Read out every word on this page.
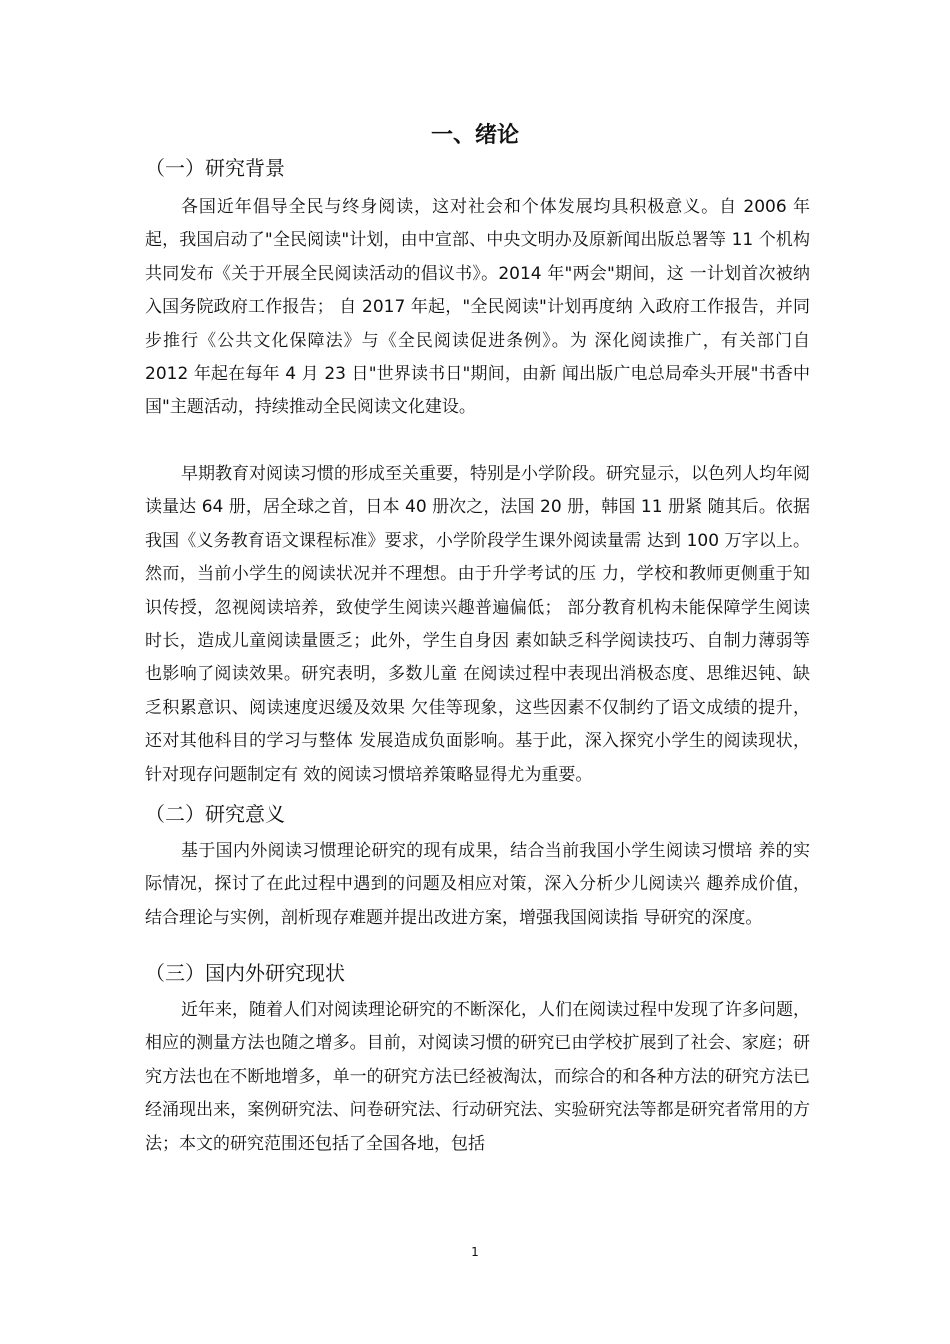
一、绪论
（一）研究背景

各国近年倡导全民与终身阅读，这对社会和个体发展均具积极意义。自 2006 年起，我国启动了"全民阅读"计划，由中宣部、中央文明办及原新闻出版总署等 11 个机构共同发布《关于开展全民阅读活动的倡议书》。2014 年"两会"期间，这 一计划首次被纳入国务院政府工作报告； 自 2017 年起，"全民阅读"计划再度纳 入政府工作报告，并同步推行《公共文化保障法》与《全民阅读促进条例》。为 深化阅读推广，有关部门自 2012 年起在每年 4 月 23 日"世界读书日"期间，由新 闻出版广电总局牵头开展"书香中国"主题活动，持续推动全民阅读文化建设。

早期教育对阅读习惯的形成至关重要，特别是小学阶段。研究显示，以色列人均年阅读量达 64 册，居全球之首，日本 40 册次之，法国 20 册，韩国 11 册紧 随其后。依据我国《义务教育语文课程标准》要求，小学阶段学生课外阅读量需 达到 100 万字以上。然而，当前小学生的阅读状况并不理想。由于升学考试的压 力，学校和教师更侧重于知识传授，忽视阅读培养，致使学生阅读兴趣普遍偏低； 部分教育机构未能保障学生阅读时长，造成儿童阅读量匮乏；此外，学生自身因 素如缺乏科学阅读技巧、自制力薄弱等也影响了阅读效果。研究表明，多数儿童 在阅读过程中表现出消极态度、思维迟钝、缺乏积累意识、阅读速度迟缓及效果 欠佳等现象，这些因素不仅制约了语文成绩的提升，还对其他科目的学习与整体 发展造成负面影响。基于此，深入探究小学生的阅读现状，针对现存问题制定有 效的阅读习惯培养策略显得尤为重要。

（二）研究意义

基于国内外阅读习惯理论研究的现有成果，结合当前我国小学生阅读习惯培 养的实际情况，探讨了在此过程中遇到的问题及相应对策，深入分析少儿阅读兴 趣养成价值，结合理论与实例，剖析现存难题并提出改进方案，增强我国阅读指 导研究的深度。

（三）国内外研究现状

近年来，随着人们对阅读理论研究的不断深化，人们在阅读过程中发现了许多问题，相应的测量方法也随之增多。目前，对阅读习惯的研究已由学校扩展到了社会、家庭；研究方法也在不断地增多，单一的研究方法已经被淘汰，而综合的和各种方法的研究方法已经涌现出来，案例研究法、问卷研究法、行动研究法、实验研究法等都是研究者常用的方法；本文的研究范围还包括了全国各地，包括

1
